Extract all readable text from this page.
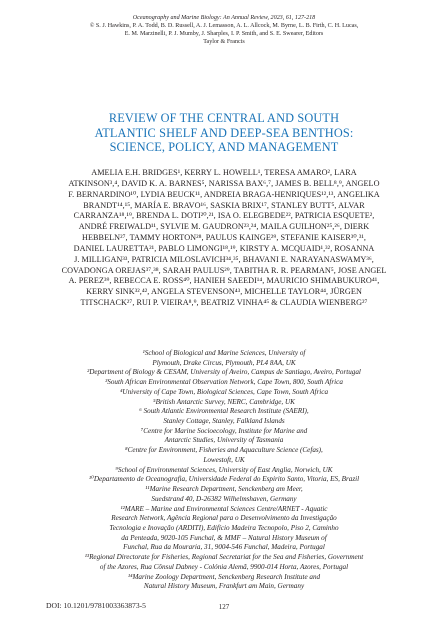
Oceanography and Marine Biology: An Annual Review, 2023, 61, 127-218
© S. J. Hawkins, P. A. Todd, B. D. Russell, A. J. Lemasson, A. L. Allcock, M. Byrne, L. B. Firth, C. H. Lucas,
E. M. Marzinelli, P. J. Mumby, J. Sharples, I. P. Smith, and S. E. Swearer, Editors
Taylor & Francis
REVIEW OF THE CENTRAL AND SOUTH
ATLANTIC SHELF AND DEEP-SEA BENTHOS:
SCIENCE, POLICY, AND MANAGEMENT
AMELIA E.H. BRIDGES¹, KERRY L. HOWELL¹, TERESA AMARO², LARA
ATKINSON³,⁴, DAVID K. A. BARNES⁵, NARISSA BAX⁶,⁷, JAMES B. BELL⁸,⁹, ANGELO
F. BERNARDINO¹⁰, LYDIA BEUCK¹¹, ANDREIA BRAGA-HENRIQUES¹²,¹³, ANGELIKA
BRANDT¹⁴,¹⁵, MARÍA E. BRAVO¹⁶, SASKIA BRIX¹⁷, STANLEY BUTT⁵, ALVAR
CARRANZA¹⁸,¹⁹, BRENDA L. DOTI²⁰,²¹, ISA O. ELEGBEDE²², PATRICIA ESQUETE²,
ANDRÉ FREIWALD¹¹, SYLVIE M. GAUDRON²³,²⁴, MAILA GUILHON²⁵,²⁶, DIERK
HEBBELN²⁷, TAMMY HORTON²⁸, PAULUS KAINGE²⁹, STEFANIE KAISER³⁰,³¹,
DANIEL LAURETTA²¹, PABLO LIMONGI¹⁸,¹⁹, KIRSTY A. MCQUAID¹,³², ROSANNA
J. MILLIGAN³³, PATRICIA MILOSLAVICH³⁴,³⁵, BHAVANI E. NARAYANASWAMY³⁶,
COVADONGA OREJAS³⁷,³⁸, SARAH PAULUS²⁹, TABITHA R. R. PEARMAN⁵, JOSE ANGEL
A. PEREZ³⁹, REBECCA E. ROSS⁴⁰, HANIEH SAEEDI¹⁴, MAURICIO SHIMABUKURO⁴¹,
KERRY SINK³²,⁴², ANGELA STEVENSON⁴³, MICHELLE TAYLOR⁴⁴, JÜRGEN
TITSCHACK²⁷, RUI P. VIEIRA⁸,⁹, BEATRIZ VINHA⁴⁵ & CLAUDIA WIENBERG²⁷
¹School of Biological and Marine Sciences, University of
Plymouth, Drake Circus, Plymouth, PL4 8AA, UK
²Department of Biology & CESAM, University of Aveiro, Campus de Santiago, Aveiro, Portugal
³South African Environmental Observation Network, Cape Town, 800, South Africa
⁴University of Cape Town, Biological Sciences, Cape Town, South Africa
⁵British Antarctic Survey, NERC, Cambridge, UK
⁶ South Atlantic Environmental Research Institute (SAERI),
Stanley Cottage, Stanley, Falkland Islands
⁷Centre for Marine Socioecology, Institute for Marine and
Antarctic Studies, University of Tasmania
⁸Centre for Environment, Fisheries and Aquaculture Science (Cefas),
Lowestoft, UK
⁹School of Environmental Sciences, University of East Anglia, Norwich, UK
¹⁰Departamento de Oceanografia, Universidade Federal do Espirito Santo, Vitoria, ES, Brazil
¹¹Marine Research Department, Senckenberg am Meer,
Suedstrand 40, D-26382 Wilhelmshaven, Germany
¹²MARE – Marine and Environmental Sciences Centre/ARNET - Aquatic
Research Network, Agência Regional para o Desenvolvimento da Investigação
Tecnologia e Inovação (ARDITI), Edifício Madeira Tecnopolo, Piso 2, Caminho
da Penteada, 9020-105 Funchal, & MMF – Natural History Museum of
Funchal, Rua da Mouraria, 31, 9004-546 Funchal, Madeira, Portugal
¹³Regional Directorate for Fisheries, Regional Secretariat for the Sea and Fisheries, Government
of the Azores, Rua Cônsul Dabney - Colónia Alemã, 9900-014 Horta, Azores, Portugal
¹⁴Marine Zoology Department, Senckenberg Research Institute and
Natural History Museum, Frankfurt am Main, Germany
DOI: 10.1201/9781003363873-5	127
